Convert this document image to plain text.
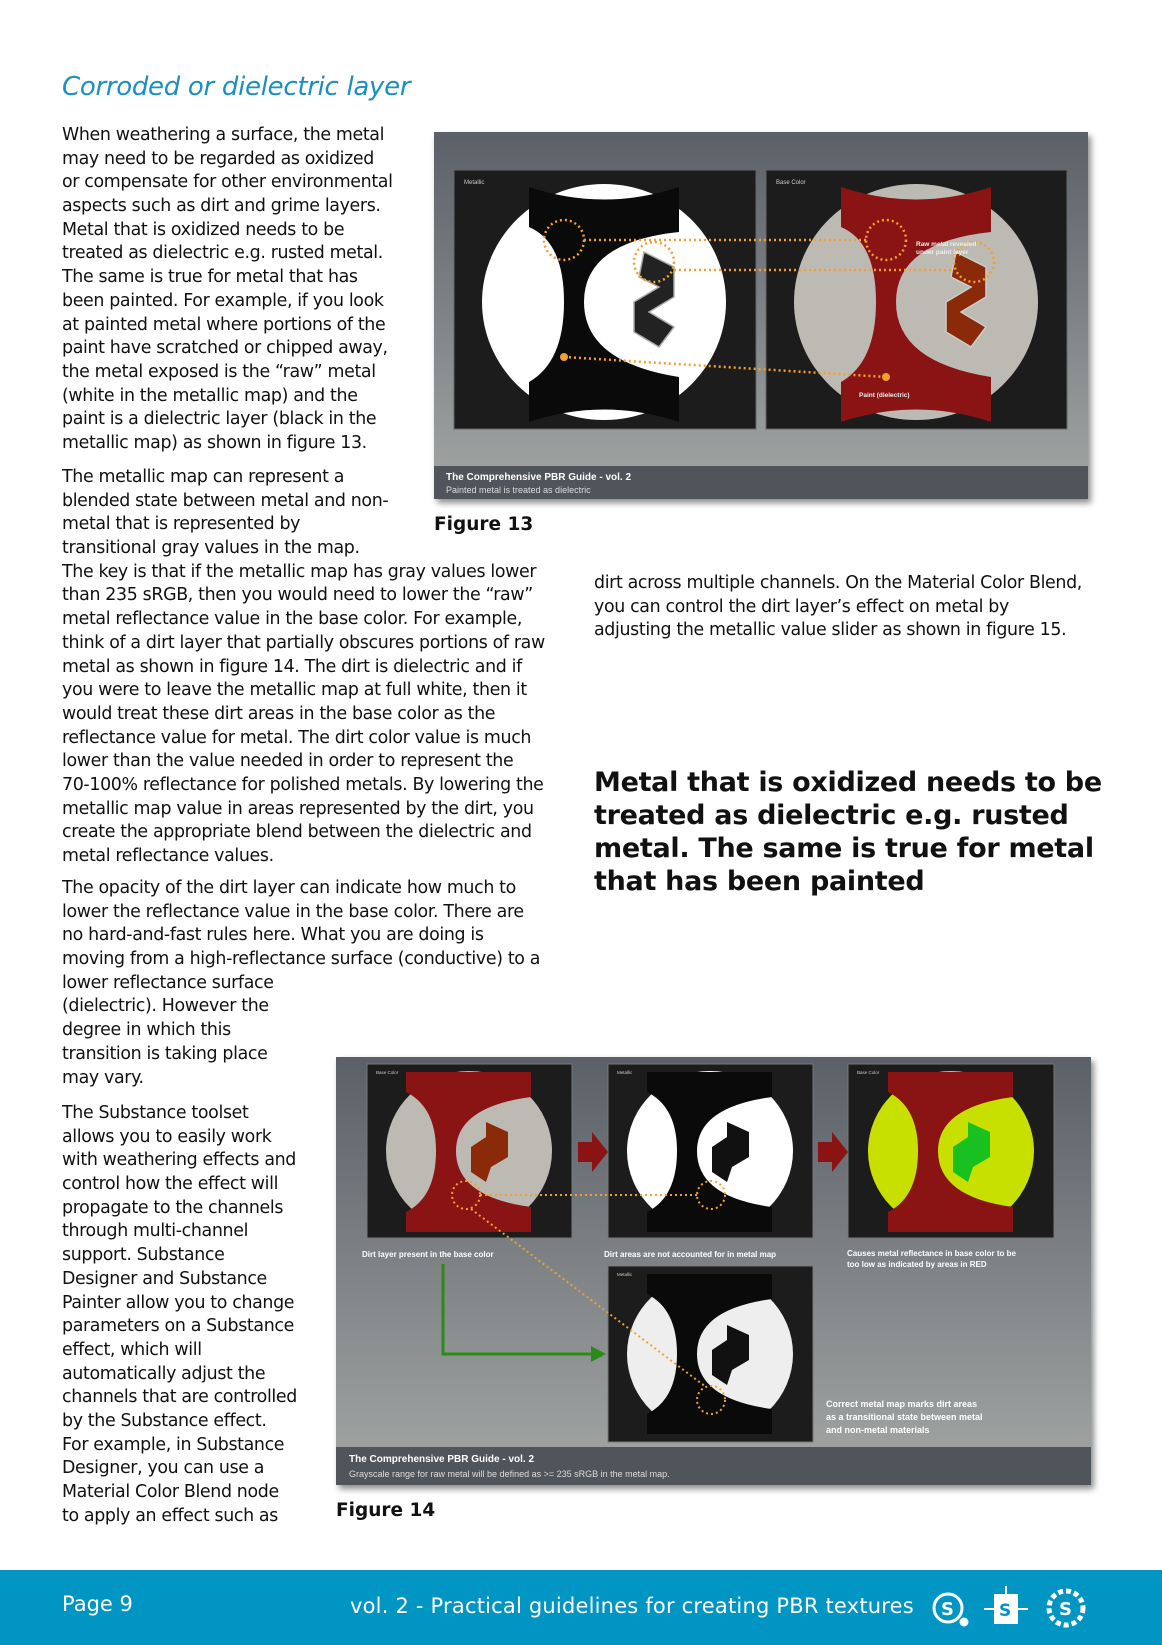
Corroded or dielectric layer
When weathering a surface, the metal
may need to be regarded as oxidized
or compensate for other environmental
aspects such as dirt and grime layers.
Metal that is oxidized needs to be
treated as dielectric e.g. rusted metal.
The same is true for metal that has
been painted. For example, if you look
at painted metal where portions of the
paint have scratched or chipped away,
the metal exposed is the “raw” metal
(white in the metallic map) and the
paint is a dielectric layer (black in the
metallic map) as shown in figure 13.
The metallic map can represent a
blended state between metal and non-
metal that is represented by
transitional gray values in the map.
The key is that if the metallic map has gray values lower
than 235 sRGB, then you would need to lower the “raw”
metal reflectance value in the base color. For example,
think of a dirt layer that partially obscures portions of raw
metal as shown in figure 14. The dirt is dielectric and if
you were to leave the metallic map at full white, then it
would treat these dirt areas in the base color as the
reflectance value for metal. The dirt color value is much
lower than the value needed in order to represent the
70-100% reflectance for polished metals. By lowering the
metallic map value in areas represented by the dirt, you
create the appropriate blend between the dielectric and
metal reflectance values.
The opacity of the dirt layer can indicate how much to
lower the reflectance value in the base color. There are
no hard-and-fast rules here. What you are doing is
moving from a high-reflectance surface (conductive) to a
lower reflectance surface
(dielectric). However the
degree in which this
transition is taking place
may vary.
The Substance toolset
allows you to easily work
with weathering effects and
control how the effect will
propagate to the channels
through multi-channel
support. Substance
Designer and Substance
Painter allow you to change
parameters on a Substance
effect, which will
automatically adjust the
channels that are controlled
by the Substance effect.
For example, in Substance
Designer, you can use a
Material Color Blend node
to apply an effect such as
dirt across multiple channels. On the Material Color Blend,
you can control the dirt layer’s effect on metal by
adjusting the metallic value slider as shown in figure 15.
Metal that is oxidized needs to be
treated as dielectric e.g. rusted
metal. The same is true for metal
that has been painted
Metallic	Base Color
Raw metal revealed
under paint layer
Paint (dielectric)
The Comprehensive PBR Guide - vol. 2
Painted metal is treated as dielectric
Figure 13
Base Color	Metallic	Base Color
Metallic
Dirt layer present in the base color	Dirt areas are not accounted for in metal map	Causes metal reflectance in base color to be
too low as indicated by areas in RED
Correct metal map marks dirt areas
as a transitional state between metal
and non-metal materials
The Comprehensive PBR Guide - vol. 2
Grayscale range for raw metal will be defined as >= 235 sRGB in the metal map.
Figure 14
Page 9	vol. 2 - Practical guidelines for creating PBR textures S	S	S
